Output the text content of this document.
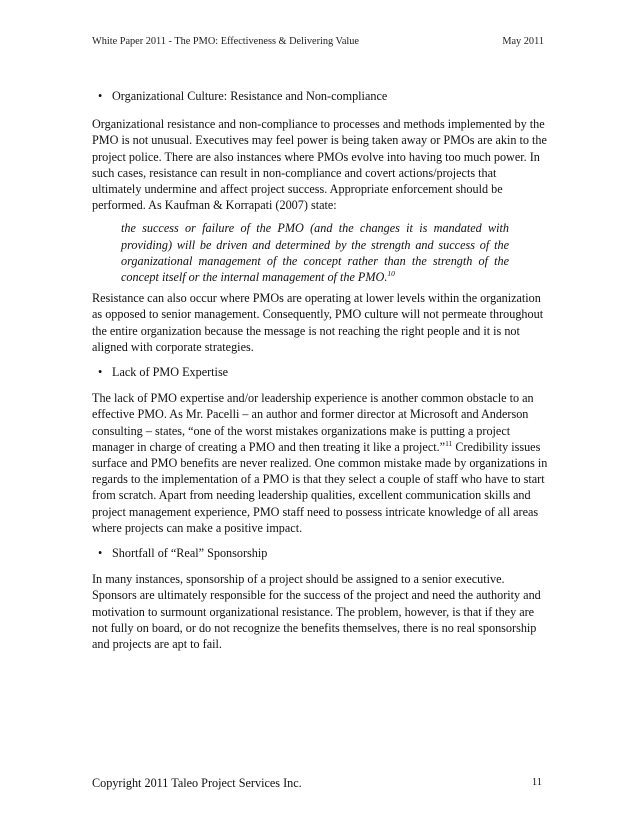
White Paper 2011 - The PMO: Effectiveness & Delivering Value	May 2011
• Organizational Culture: Resistance and Non-compliance

Organizational resistance and non-compliance to processes and methods implemented by the PMO is not unusual. Executives may feel power is being taken away or PMOs are akin to the project police. There are also instances where PMOs evolve into having too much power. In such cases, resistance can result in non-compliance and covert actions/projects that ultimately undermine and affect project success. Appropriate enforcement should be performed. As Kaufman & Korrapati (2007) state:

the success or failure of the PMO (and the changes it is mandated with providing) will be driven and determined by the strength and success of the organizational management of the concept rather than the strength of the concept itself or the internal management of the PMO.$^{10}$

Resistance can also occur where PMOs are operating at lower levels within the organization as opposed to senior management. Consequently, PMO culture will not permeate throughout the entire organization because the message is not reaching the right people and it is not aligned with corporate strategies.

• Lack of PMO Expertise

The lack of PMO expertise and/or leadership experience is another common obstacle to an effective PMO. As Mr. Pacelli – an author and former director at Microsoft and Anderson consulting – states, “one of the worst mistakes organizations make is putting a project manager in charge of creating a PMO and then treating it like a project.”$^{11}$ Credibility issues surface and PMO benefits are never realized. One common mistake made by organizations in regards to the implementation of a PMO is that they select a couple of staff who have to start from scratch. Apart from needing leadership qualities, excellent communication skills and project management experience, PMO staff need to possess intricate knowledge of all areas where projects can make a positive impact.

• Shortfall of “Real” Sponsorship

In many instances, sponsorship of a project should be assigned to a senior executive. Sponsors are ultimately responsible for the success of the project and need the authority and motivation to surmount organizational resistance. The problem, however, is that if they are not fully on board, or do not recognize the benefits themselves, there is no real sponsorship and projects are apt to fail.

Copyright 2011 Taleo Project Services Inc.	11
